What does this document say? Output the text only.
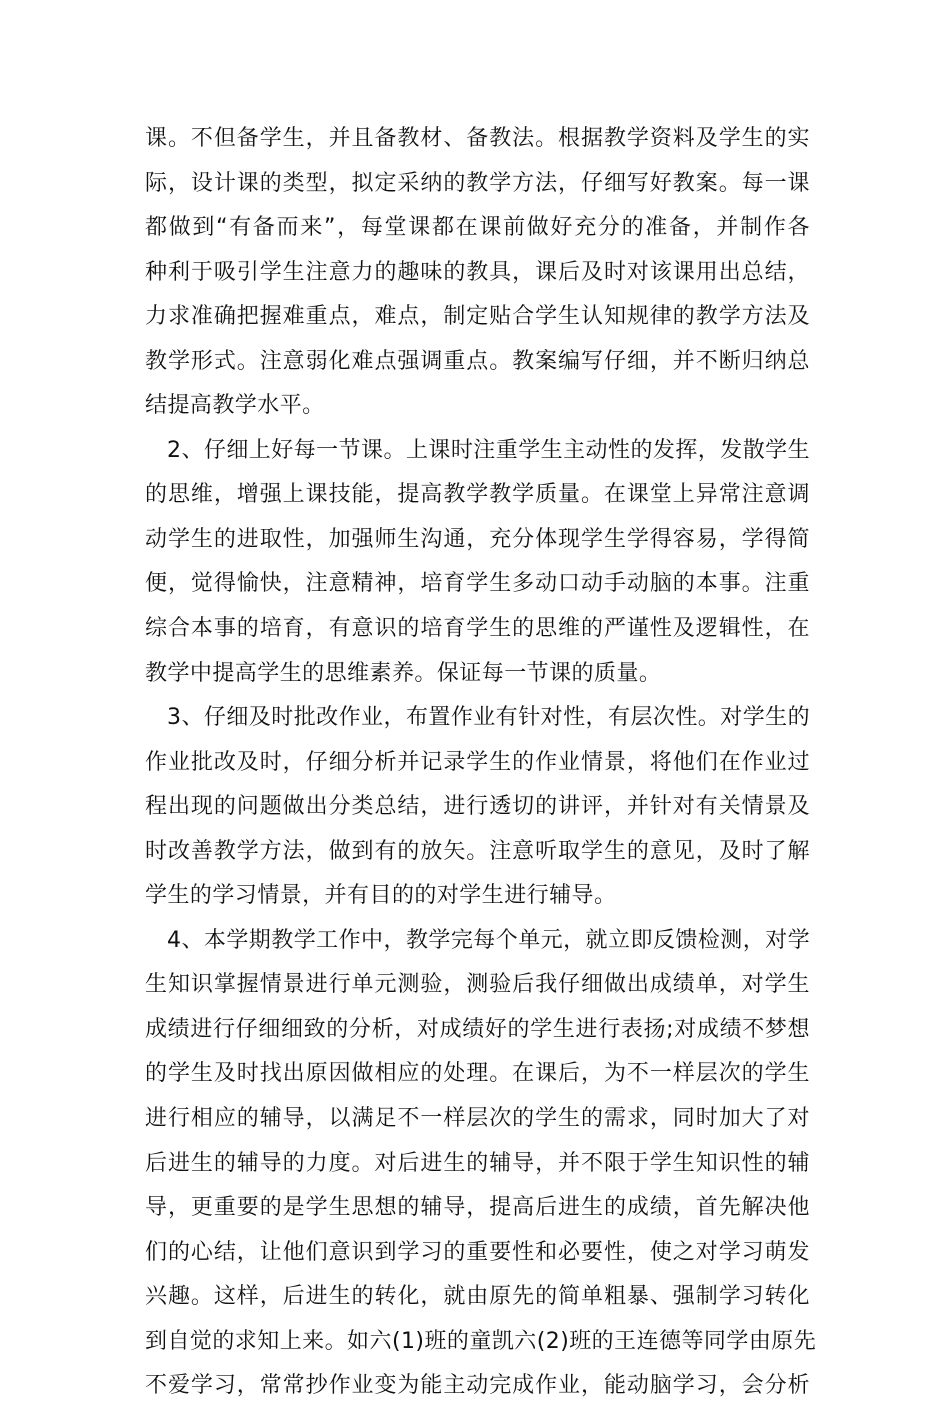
课。不但备学生，并且备教材、备教法。根据教学资料及学生的实
际，设计课的类型，拟定采纳的教学方法，仔细写好教案。每一课
都做到“有备而来”，每堂课都在课前做好充分的准备，并制作各
种利于吸引学生注意力的趣味的教具，课后及时对该课用出总结，
力求准确把握难重点，难点，制定贴合学生认知规律的教学方法及
教学形式。注意弱化难点强调重点。教案编写仔细，并不断归纳总
结提高教学水平。
2、仔细上好每一节课。上课时注重学生主动性的发挥，发散学生
的思维，增强上课技能，提高教学教学质量。在课堂上异常注意调
动学生的进取性，加强师生沟通，充分体现学生学得容易，学得简
便，觉得愉快，注意精神，培育学生多动口动手动脑的本事。注重
综合本事的培育，有意识的培育学生的思维的严谨性及逻辑性，在
教学中提高学生的思维素养。保证每一节课的质量。
3、仔细及时批改作业，布置作业有针对性，有层次性。对学生的
作业批改及时，仔细分析并记录学生的作业情景，将他们在作业过
程出现的问题做出分类总结，进行透切的讲评，并针对有关情景及
时改善教学方法，做到有的放矢。注意听取学生的意见，及时了解
学生的学习情景，并有目的的对学生进行辅导。
4、本学期教学工作中，教学完每个单元，就立即反馈检测，对学
生知识掌握情景进行单元测验，测验后我仔细做出成绩单，对学生
成绩进行仔细细致的分析，对成绩好的学生进行表扬;对成绩不梦想
的学生及时找出原因做相应的处理。在课后，为不一样层次的学生
进行相应的辅导，以满足不一样层次的学生的需求，同时加大了对
后进生的辅导的力度。对后进生的辅导，并不限于学生知识性的辅
导，更重要的是学生思想的辅导，提高后进生的成绩，首先解决他
们的心结，让他们意识到学习的重要性和必要性，使之对学习萌发
兴趣。这样，后进生的转化，就由原先的简单粗暴、强制学习转化
到自觉的求知上来。如六(1)班的童凯六(2)班的王连德等同学由原先
不爱学习，常常抄作业变为能主动完成作业，能动脑学习，会分析
